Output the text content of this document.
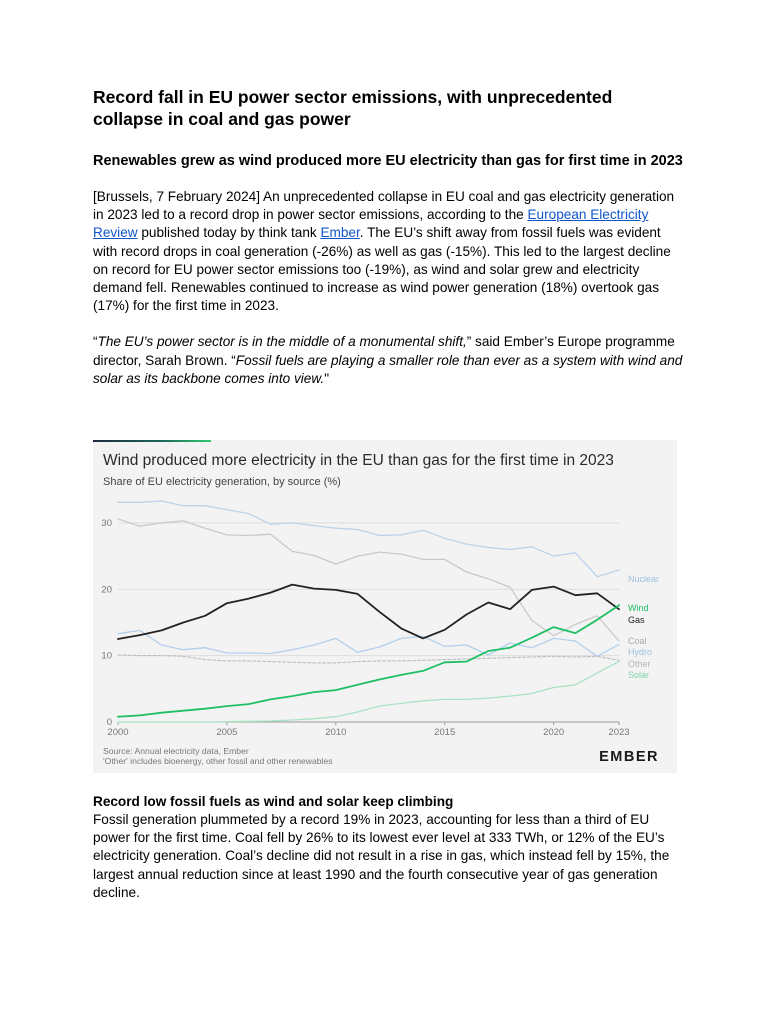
Record fall in EU power sector emissions, with unprecedented collapse in coal and gas power
Renewables grew as wind produced more EU electricity than gas for first time in 2023

[Brussels, 7 February 2024] An unprecedented collapse in EU coal and gas electricity generation in 2023 led to a record drop in power sector emissions, according to the European Electricity Review published today by think tank Ember. The EU’s shift away from fossil fuels was evident with record drops in coal generation (-26%) as well as gas (-15%). This led to the largest decline on record for EU power sector emissions too (-19%), as wind and solar grew and electricity demand fell. Renewables continued to increase as wind power generation (18%) overtook gas (17%) for the first time in 2023.

“The EU’s power sector is in the middle of a monumental shift,” said Ember’s Europe programme director, Sarah Brown. “Fossil fuels are playing a smaller role than ever as a system with wind and solar as its backbone comes into view."

Wind produced more electricity in the EU than gas for the first time in 2023
Share of EU electricity generation, by source (%)
0
10
20
30
2000	2005	2010	2015	2020	2023
Nuclear
Wind
Gas
Coal
Hydro
Other
Solar
Source: Annual electricity data, Ember
'Other' includes bioenergy, other fossil and other renewables	EMBER
Record low fossil fuels as wind and solar keep climbing

Fossil generation plummeted by a record 19% in 2023, accounting for less than a third of EU power for the first time. Coal fell by 26% to its lowest ever level at 333 TWh, or 12% of the EU’s electricity generation. Coal’s decline did not result in a rise in gas, which instead fell by 15%, the largest annual reduction since at least 1990 and the fourth consecutive year of gas generation decline.
